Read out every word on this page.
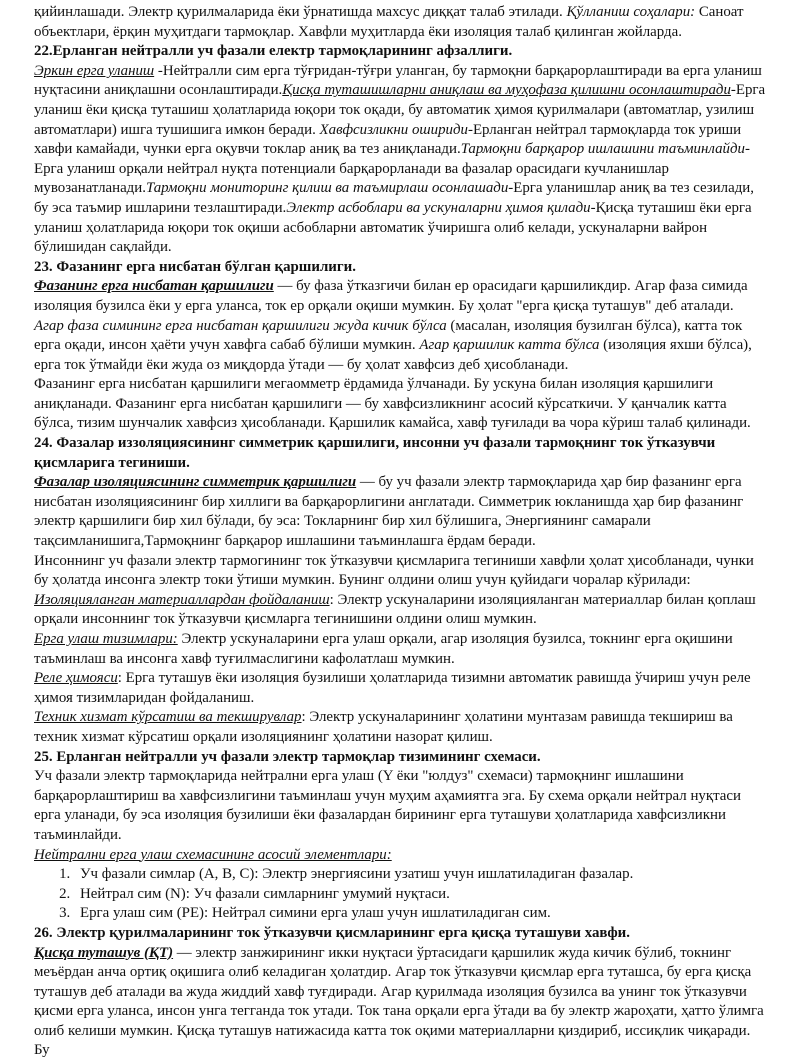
қийинлашади. Электр қурилмаларида ёки ўрнатишда махсус диққат талаб этилади. Қўлланиш соҳалари: Саноат объектлари, ёрқин муҳитдаги тармоқлар. Хавфли муҳитларда ёки изоляция талаб қилинган жойларда.

22.Ерланган нейтралли уч фазали електр тармоқларининг афзаллиги.

Эркин ерга уланиш -Нейтралли сим ерга тўғридан-тўғри уланган, бу тармоқни барқарорлаштиради ва ерга уланиш нуқтасини аниқлашни осонлаштиради.Қисқа туташишларни аниқлаш ва муҳофаза қилишни осонлаштиради-Ерга уланиш ёки қисқа туташиш ҳолатларида юқори ток оқади, бу автоматик ҳимоя қурилмалари (автоматлар, узилиш автоматлари) ишга тушишига имкон беради. Хавфсизликни ошириди-Ерланган нейтрал тармоқларда ток уриши хавфи камайади, чунки ерга оқувчи токлар аниқ ва тез аниқланади.Тармоқни барқарор ишлашини таъминлайди-Ерга уланиш орқали нейтрал нуқта потенциали барқарорланади ва фазалар орасидаги кучланишлар мувозанатланади.Тармоқни мониторинг қилиш ва таъмирлаш осонлашади-Ерга уланишлар аниқ ва тез сезилади, бу эса таъмир ишларини тезлаштиради.Электр асбоблари ва ускуналарни ҳимоя қилади-Қисқа туташиш ёки ерга уланиш ҳолатларида юқори ток оқиши асбобларни автоматик ўчиришга олиб келади, ускуналарни вайрон бўлишидан сақлайди.

23. Фазанинг ерга нисбатан бўлган қаршилиги.

Фазанинг ерга нисбатан қаршилиги — бу фаза ўтказгичи билан ер орасидаги қаршиликдир. Агар фаза симида изоляция бузилса ёки у ерга уланса, ток ер орқали оқиши мумкин. Бу ҳолат "ерга қисқа туташув" деб аталади. Агар фаза симининг ерга нисбатан қаршилиги жуда кичик бўлса (масалан, изоляция бузилган бўлса), катта ток ерга оқади, инсон ҳаёти учун хавфга сабаб бўлиши мумкин. Агар қаршилик катта бўлса (изоляция яхши бўлса), ерга ток ўтмайди ёки жуда оз миқдорда ўтади — бу ҳолат хавфсиз деб ҳисобланади.

Фазанинг ерга нисбатан қаршилиги мегаомметр ёрдамида ўлчанади. Бу ускуна билан изоляция қаршилиги аниқланади. Фазанинг ерга нисбатан қаршилиги — бу хавфсизликнинг асосий кўрсаткичи. У қанчалик катта бўлса, тизим шунчалик хавфсиз ҳисобланади. Қаршилик камайса, хавф туғилади ва чора кўриш талаб қилинади.

24. Фазалар иззоляциясининг симметрик қаршилиги, инсонни уч фазали тармоқнинг ток ўтказувчи қисмларига тегиниши.

Фазалар изоляциясининг симметрик қаршилиги — бу уч фазали электр тармоқларида ҳар бир фазанинг ерга нисбатан изоляциясининг бир хиллиги ва барқарорлигини англатади. Симметрик юкланишда ҳар бир фазанинг электр қаршилиги бир хил бўлади, бу эса: Токларнинг бир хил бўлишига, Энергиянинг самарали тақсимланишига,Тармоқнинг барқарор ишлашини таъминлашга ёрдам беради.

Инсоннинг уч фазали электр тармогининг ток ўтказувчи қисмларига тегиниши хавфли ҳолат ҳисобланади, чунки бу ҳолатда инсонга электр токи ўтиши мумкин. Бунинг олдини олиш учун қуйидаги чоралар кўрилади:

Изоляцияланган материаллардан фойдаланиш: Электр ускуналарини изоляцияланган материаллар билан қоплаш орқали инсоннинг ток ўтказувчи қисмларга тегинишини олдини олиш мумкин.

Ерга улаш тизимлари: Электр ускуналарини ерга улаш орқали, агар изоляция бузилса, токнинг ерга оқишини таъминлаш ва инсонга хавф туғилмаслигини кафолатлаш мумкин.

Реле ҳимояси: Ерга туташув ёки изоляция бузилиши ҳолатларида тизимни автоматик равишда ўчириш учун реле ҳимоя тизимларидан фойдаланиш.

Техник хизмат кўрсатиш ва текширувлар: Электр ускуналарининг ҳолатини мунтазам равишда текшириш ва техник хизмат кўрсатиш орқали изоляциянинг ҳолатини назорат қилиш.

25. Ерланган нейтралли уч фазали электр тармоқлар тизимининг схемаси.

Уч фазали электр тармоқларида нейтрални ерга улаш (Y ёки "юлдуз" схемаси) тармоқнинг ишлашини барқарорлаштириш ва хавфсизлигини таъминлаш учун муҳим аҳамиятга эга. Бу схема орқали нейтрал нуқтаси ерга уланади, бу эса изоляция бузилиши ёки фазалардан бирининг ерга туташуви ҳолатларида хавфсизликни таъминлайди.

Нейтрални ерга улаш схемасининг асосий элементлари:

1. Уч фазали симлар (A, B, C): Электр энергиясини узатиш учун ишлатиладиган фазалар.
2. Нейтрал сим (N): Уч фазали симларнинг умумий нуқтаси.
3. Ерга улаш сим (PE): Нейтрал симини ерга улаш учун ишлатиладиган сим.

26. Электр қурилмаларининг ток ўтказувчи қисмларининг ерга қисқа туташуви хавфи.

Қисқа туташув (ҚТ) — электр занжирининг икки нуқтаси ўртасидаги қаршилик жуда кичик бўлиб, токнинг меъёрдан анча ортиқ оқишига олиб келадиган ҳолатдир. Агар ток ўтказувчи қисмлар ерга туташса, бу ерга қисқа туташув деб аталади ва жуда жиддий хавф туғдиради. Агар қурилмада изоляция бузилса ва унинг ток ўтказувчи қисми ерга уланса, инсон унга тегганда ток утади. Ток тана орқали ерга ўтади ва бу электр жароҳати, ҳатто ўлимга олиб келиши мумкин. Қисқа туташув натижасида катта ток оқими материалларни қиздириб, иссиқлик чиқаради. Бу
